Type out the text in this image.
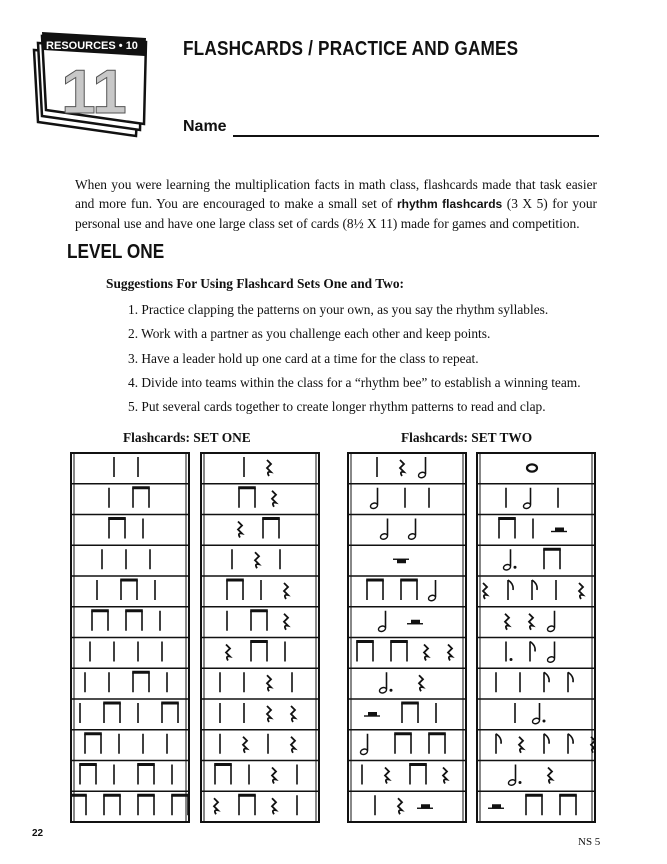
RESOURCES • 10
11
FLASHCARDS / PRACTICE AND GAMES
Name
When you were learning the multiplication facts in math class, flashcards made that task easier and more fun. You are encouraged to make a small set of rhythm flashcards (3 X 5) for your personal use and have one large class set of cards (8½ X 11) made for games and competition.
LEVEL ONE
Suggestions For Using Flashcard Sets One and Two:
1. Practice clapping the patterns on your own, as you say the rhythm syllables.
2. Work with a partner as you challenge each other and keep points.
3. Have a leader hold up one card at a time for the class to repeat.
4. Divide into teams within the class for a “rhythm bee” to establish a winning team.
5. Put several cards together to create longer rhythm patterns to read and clap.
Flashcards: SET ONE	Flashcards: SET TWO
22
NS 5
